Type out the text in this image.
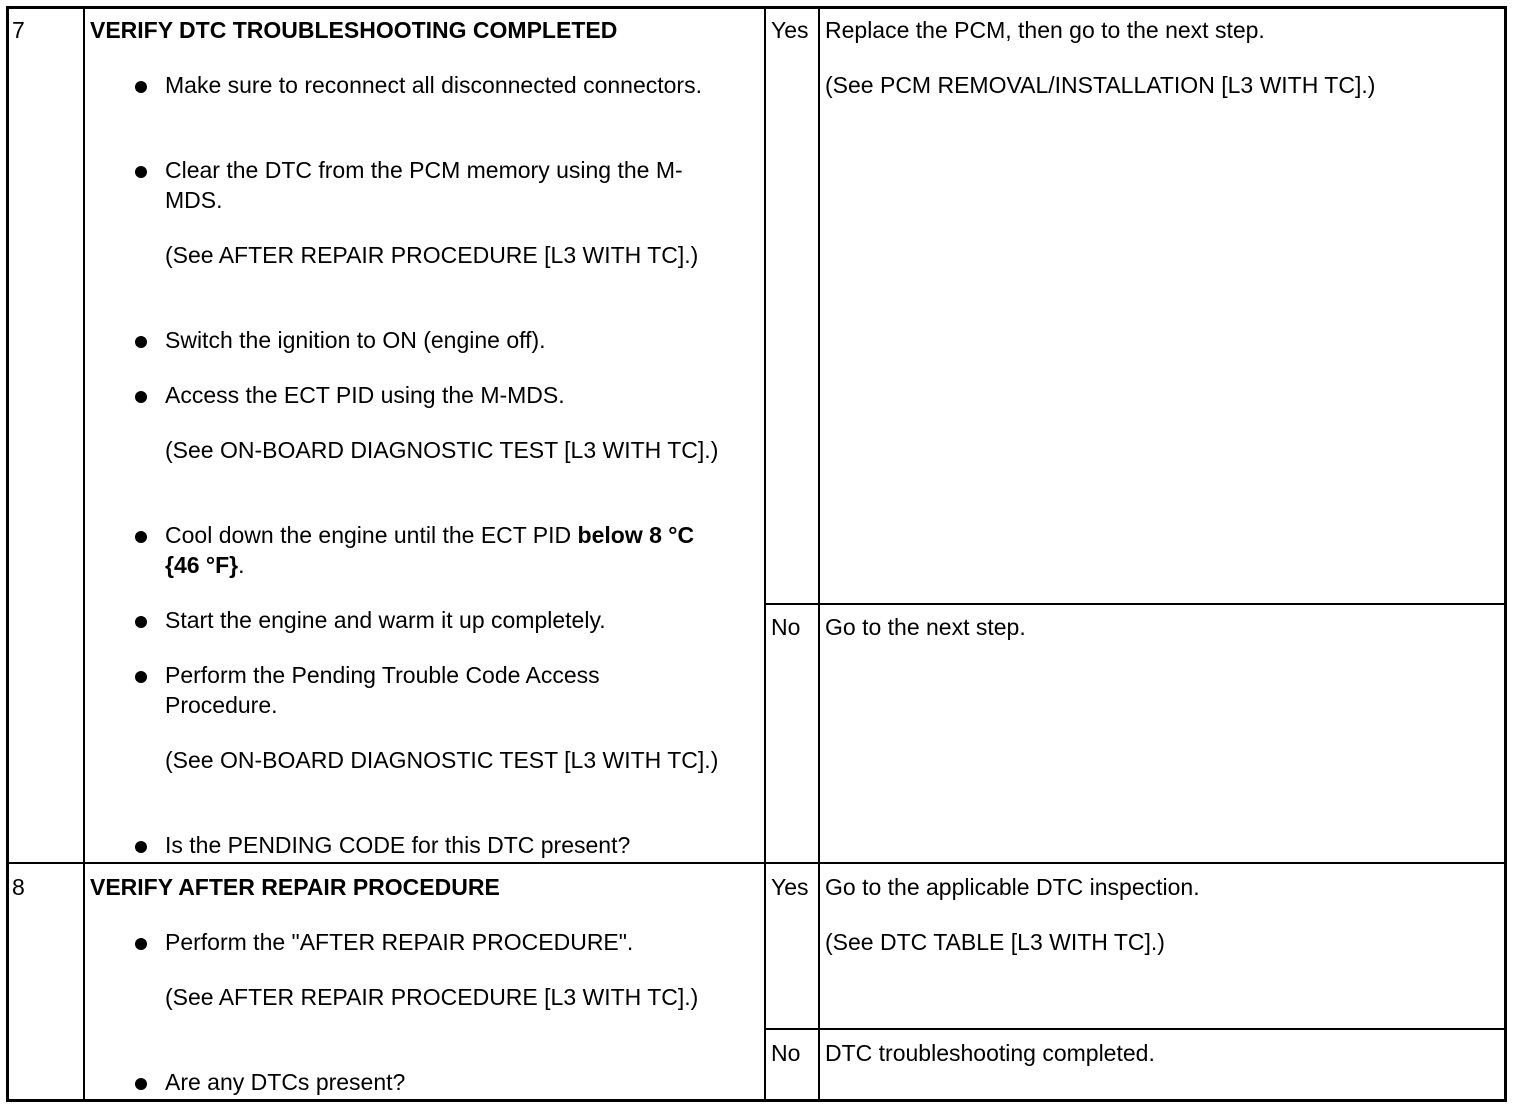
7	VERIFY DTC TROUBLESHOOTING COMPLETED
Make sure to reconnect all disconnected connectors.
Clear the DTC from the PCM memory using the M-MDS.
(See AFTER REPAIR PROCEDURE [L3 WITH TC].)
Switch the ignition to ON (engine off).
Access the ECT PID using the M-MDS.
(See ON-BOARD DIAGNOSTIC TEST [L3 WITH TC].)
Cool down the engine until the ECT PID below 8 °C {46 °F}.
Start the engine and warm it up completely.
Perform the Pending Trouble Code Access Procedure.
(See ON-BOARD DIAGNOSTIC TEST [L3 WITH TC].)
Is the PENDING CODE for this DTC present?
Yes Replace the PCM, then go to the next step.
(See PCM REMOVAL/INSTALLATION [L3 WITH TC].)
No Go to the next step.
8	VERIFY AFTER REPAIR PROCEDURE
Perform the "AFTER REPAIR PROCEDURE".
(See AFTER REPAIR PROCEDURE [L3 WITH TC].)
Are any DTCs present?
Yes Go to the applicable DTC inspection.
(See DTC TABLE [L3 WITH TC].)
No DTC troubleshooting completed.
